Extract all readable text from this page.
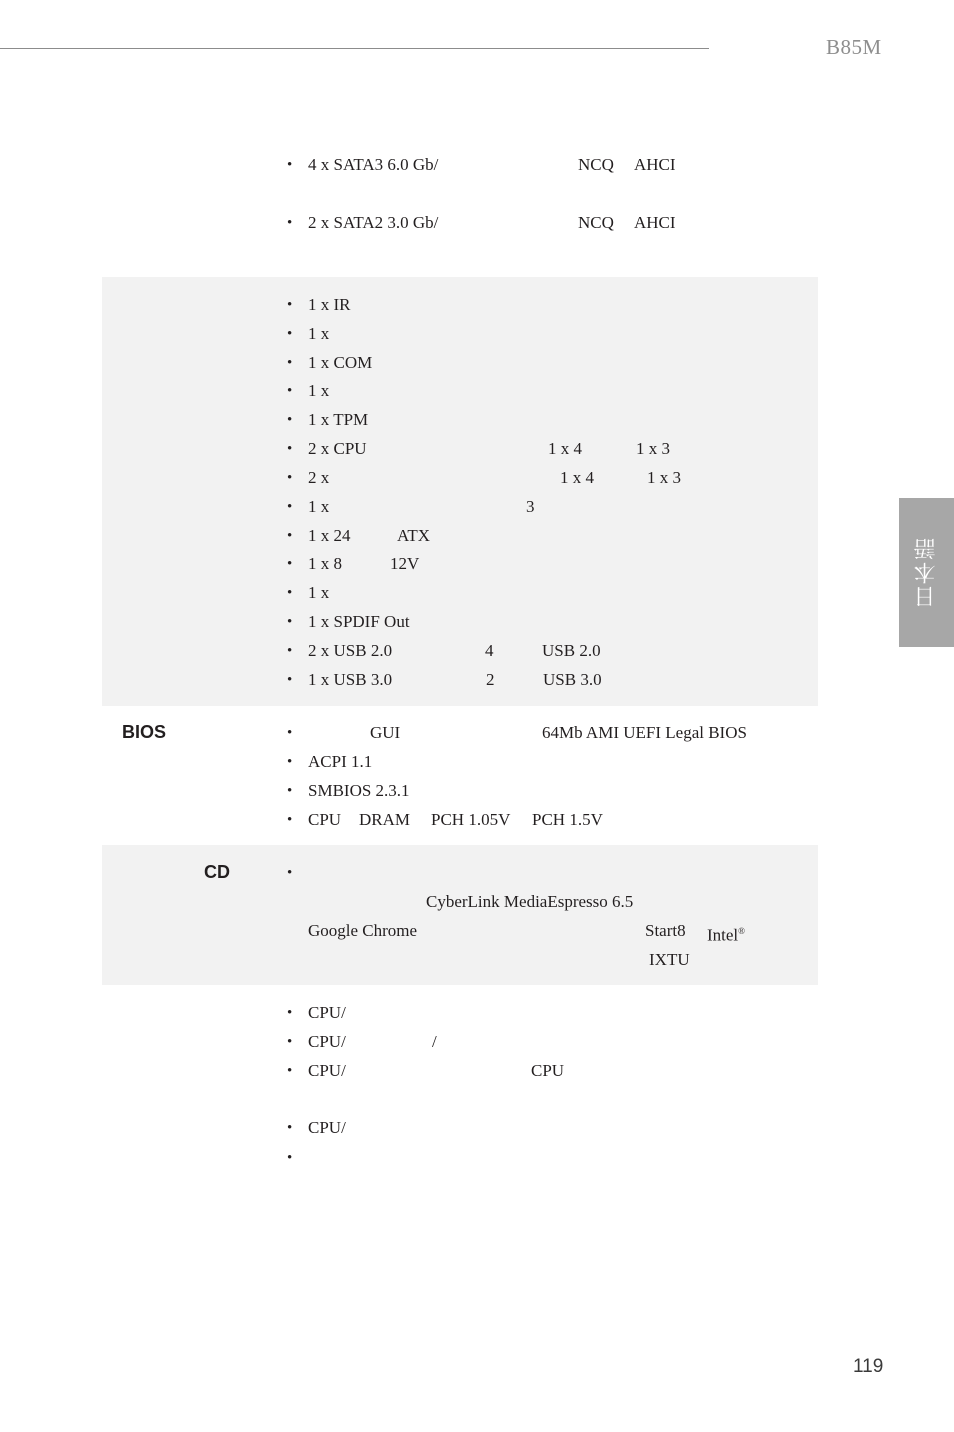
B85M
日本語
• 4 x SATA3 6.0 Gb/	NCQ AHCI
• 2 x SATA2 3.0 Gb/	NCQ AHCI
• 1 x IR
• 1 x
• 1 x COM
• 1 x
• 1 x TPM
• 2 x CPU	1 x 4	1 x 3
• 2 x	1 x 4	1 x 3
• 1 x	3
• 1 x 24	ATX
• 1 x 8	12V
• 1 x
• 1 x SPDIF Out
• 2 x USB 2.0	4	USB 2.0
• 1 x USB 3.0	2	USB 3.0
BIOS	•	GUI	64Mb AMI UEFI Legal BIOS
• ACPI 1.1
• SMBIOS 2.3.1
• CPU DRAM PCH 1.05V PCH 1.5V
CD	•
CyberLink MediaEspresso 6.5
Google Chrome	Start8 Intel®
IXTU
• CPU/
• CPU/	/
• CPU/	CPU
• CPU/
•
119
